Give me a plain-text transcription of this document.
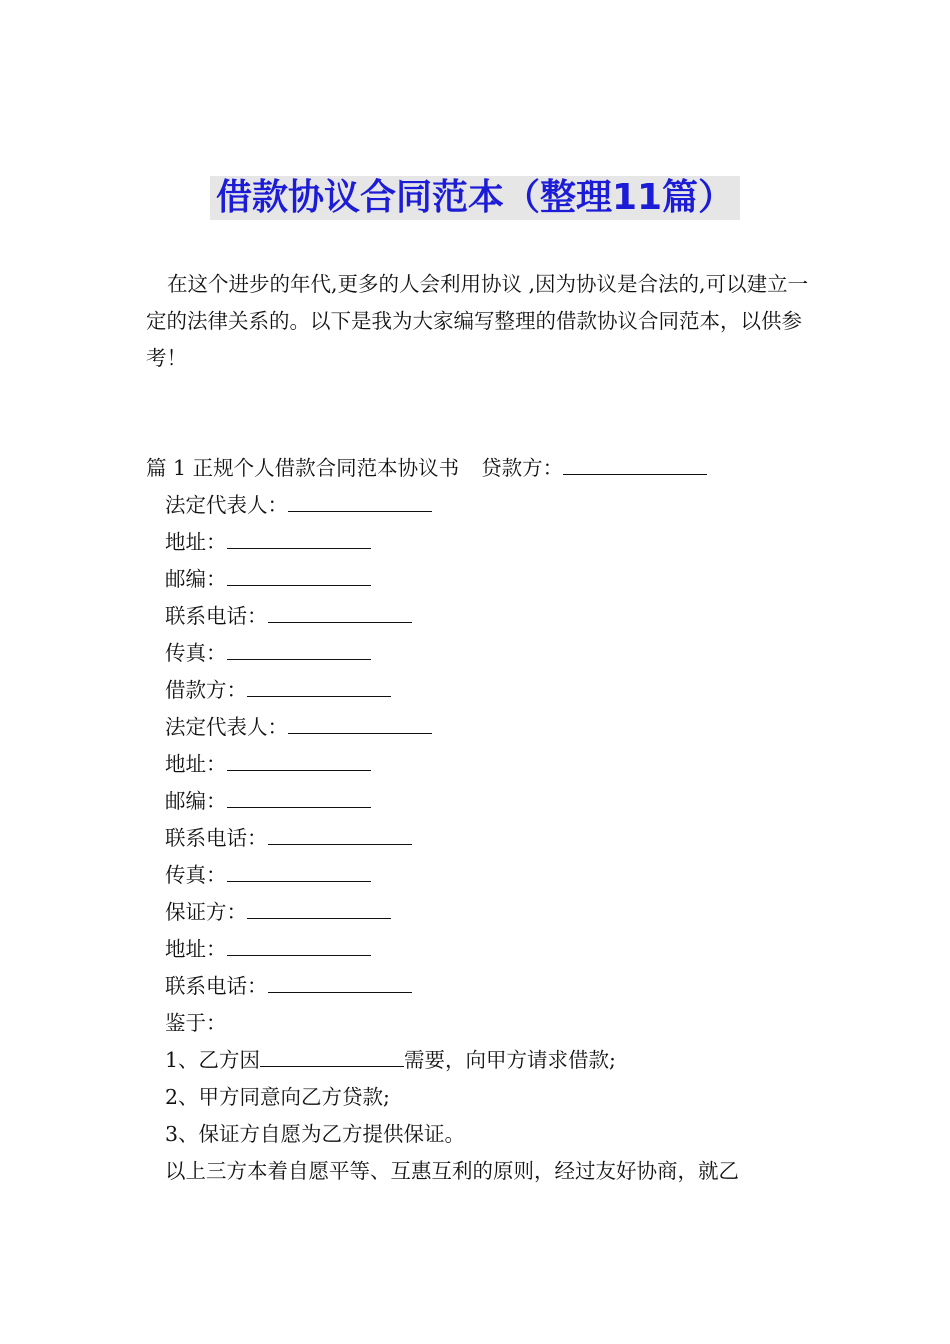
借款协议合同范本（整理11篇）

在这个进步的年代,更多的人会利用协议 ,因为协议是合法的,可以建立一定的法律关系的。以下是我为大家编写整理的借款协议合同范本，以供参考！

篇 1 正规个人借款合同范本协议书 贷款方：
法定代表人：
地址：
邮编：
联系电话：
传真：
借款方：
法定代表人：
地址：
邮编：
联系电话：
传真：
保证方：
地址：
联系电话：
鉴于：
1、乙方因	需要，向甲方请求借款;
2、甲方同意向乙方贷款;
3、保证方自愿为乙方提供保证。
以上三方本着自愿平等、互惠互利的原则，经过友好协商，就乙
